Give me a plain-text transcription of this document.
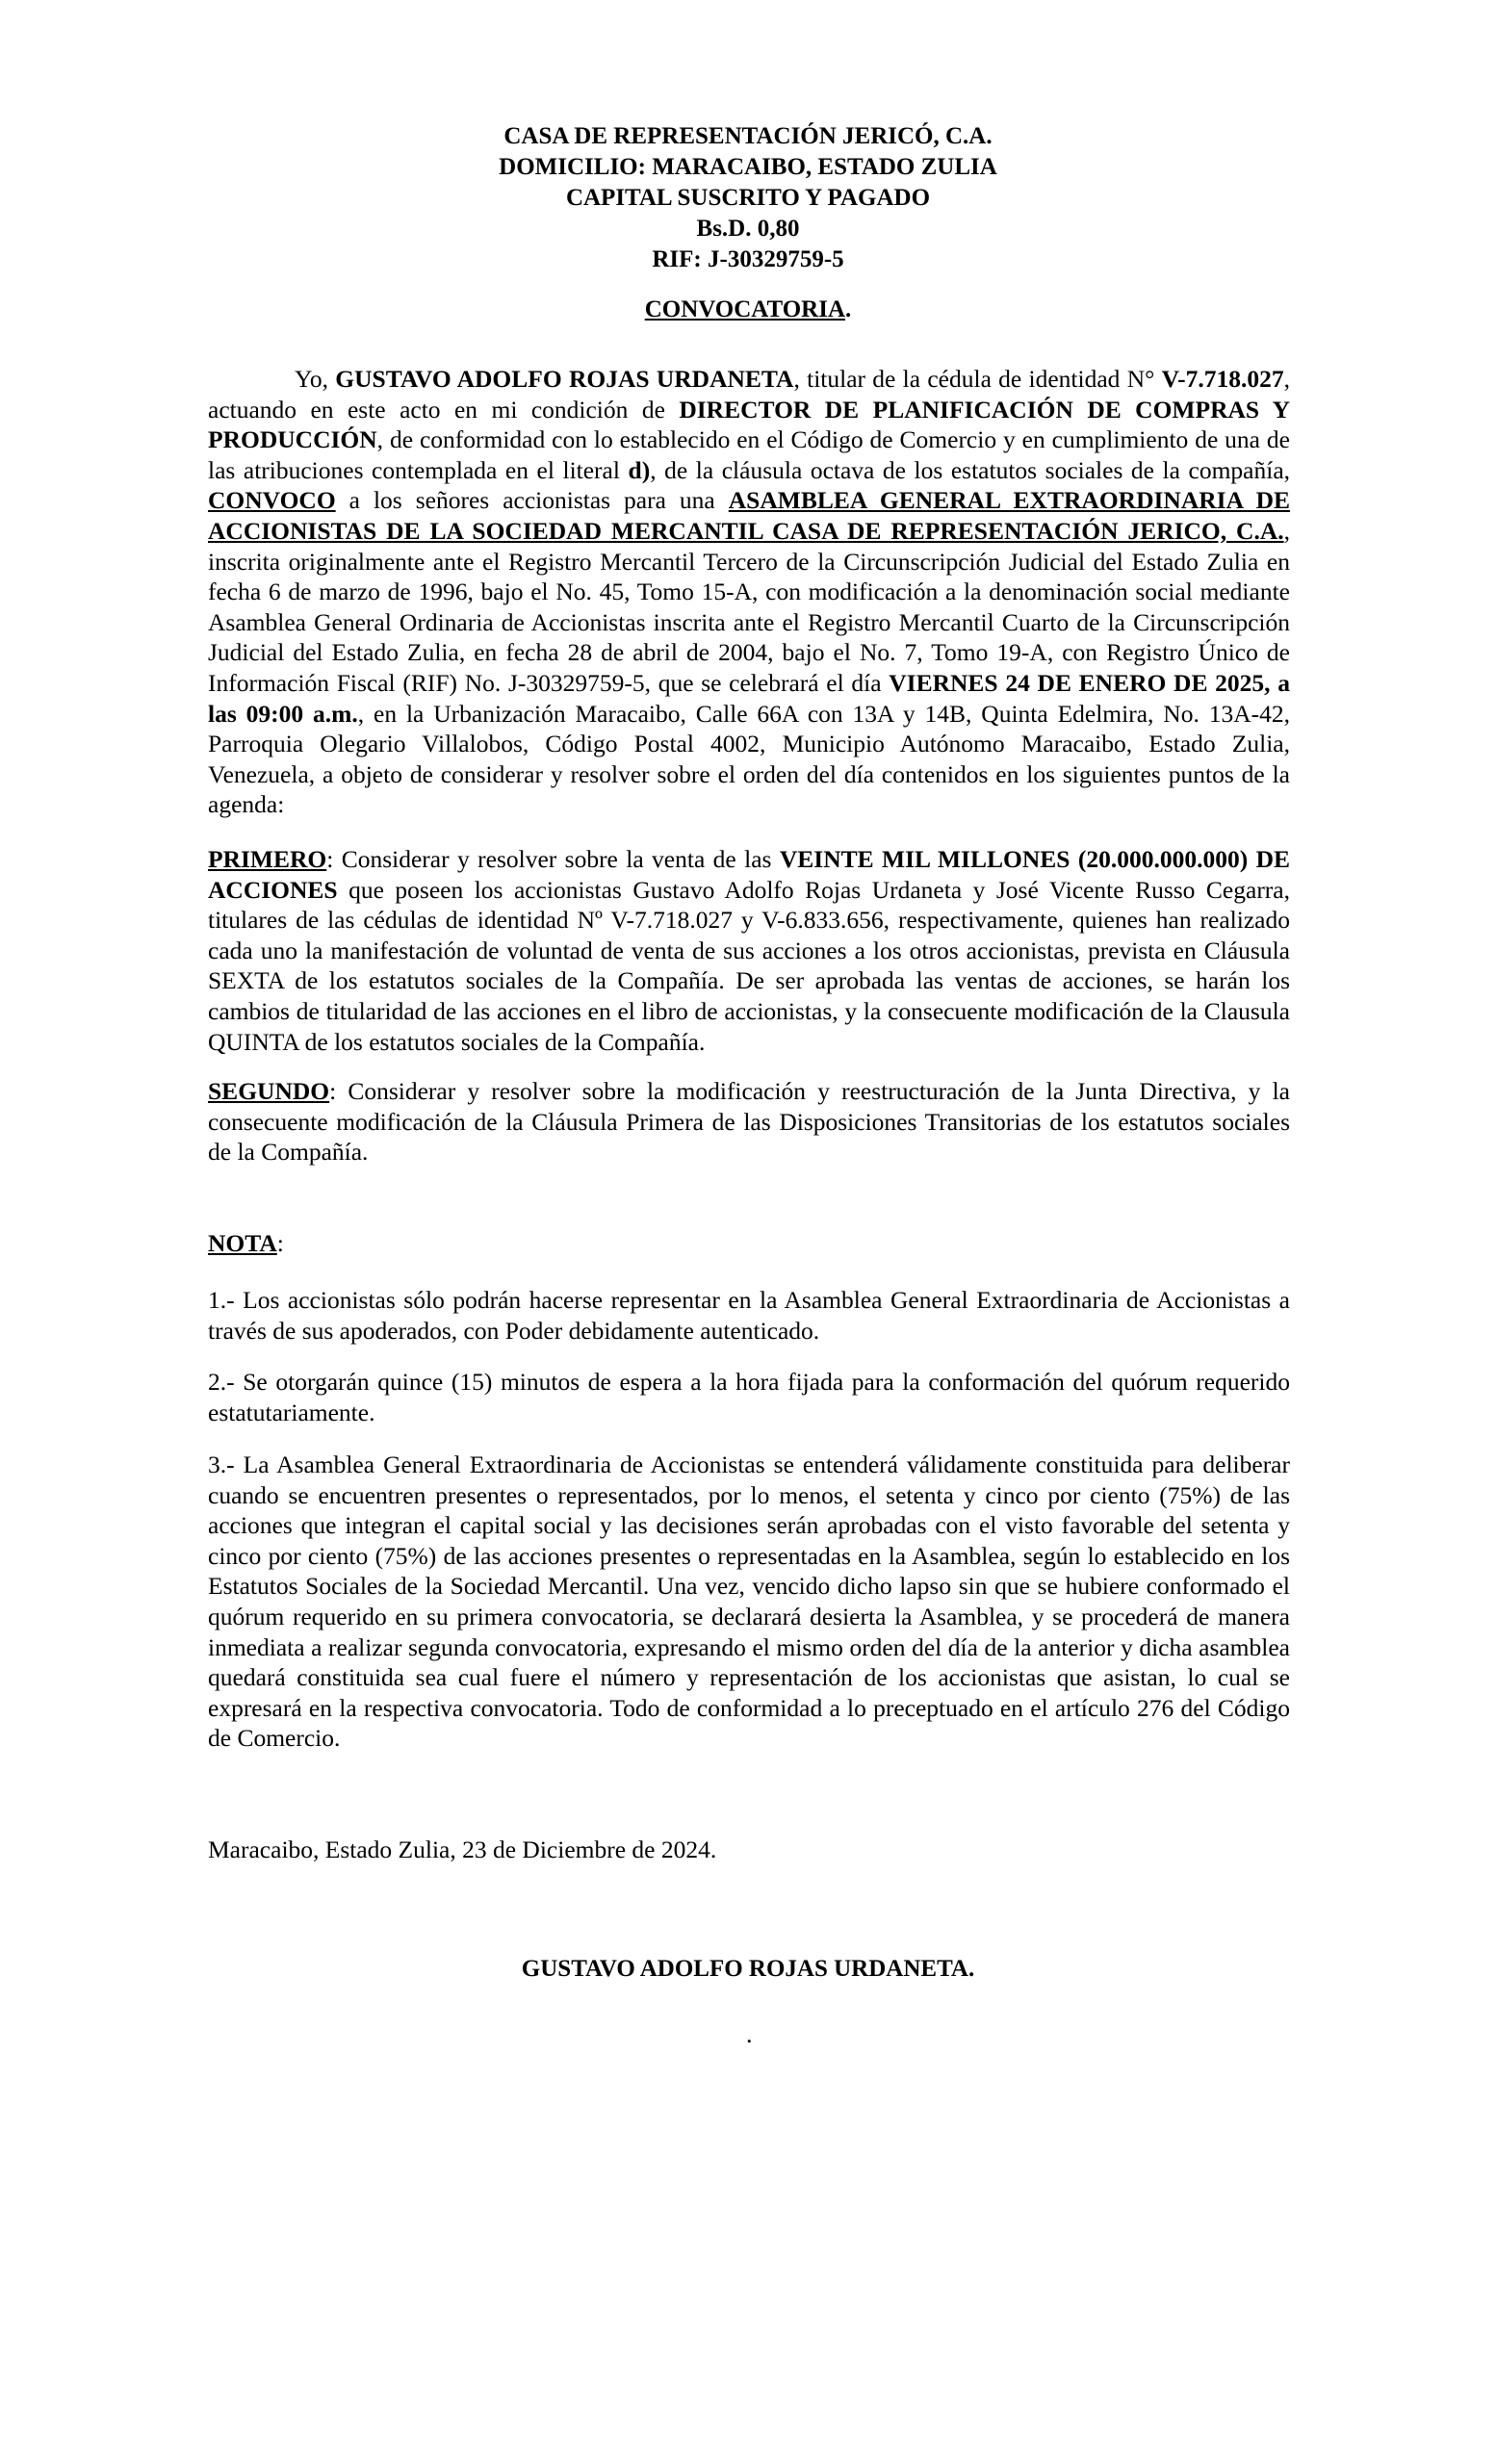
CASA DE REPRESENTACIÓN JERICÓ, C.A.
DOMICILIO: MARACAIBO, ESTADO ZULIA
CAPITAL SUSCRITO Y PAGADO
Bs.D. 0,80
RIF: J-30329759-5
CONVOCATORIA.

Yo, GUSTAVO ADOLFO ROJAS URDANETA, titular de la cédula de identidad N° V-7.718.027, actuando en este acto en mi condición de DIRECTOR DE PLANIFICACIÓN DE COMPRAS Y PRODUCCIÓN, de conformidad con lo establecido en el Código de Comercio y en cumplimiento de una de las atribuciones contemplada en el literal d), de la cláusula octava de los estatutos sociales de la compañía, CONVOCO a los señores accionistas para una ASAMBLEA GENERAL EXTRAORDINARIA DE ACCIONISTAS DE LA SOCIEDAD MERCANTIL CASA DE REPRESENTACIÓN JERICO, C.A., inscrita originalmente ante el Registro Mercantil Tercero de la Circunscripción Judicial del Estado Zulia en fecha 6 de marzo de 1996, bajo el No. 45, Tomo 15-A, con modificación a la denominación social mediante Asamblea General Ordinaria de Accionistas inscrita ante el Registro Mercantil Cuarto de la Circunscripción Judicial del Estado Zulia, en fecha 28 de abril de 2004, bajo el No. 7, Tomo 19-A, con Registro Único de Información Fiscal (RIF) No. J-30329759-5, que se celebrará el día VIERNES 24 DE ENERO DE 2025, a las 09:00 a.m., en la Urbanización Maracaibo, Calle 66A con 13A y 14B, Quinta Edelmira, No. 13A-42, Parroquia Olegario Villalobos, Código Postal 4002, Municipio Autónomo Maracaibo, Estado Zulia, Venezuela, a objeto de considerar y resolver sobre el orden del día contenidos en los siguientes puntos de la agenda:

PRIMERO: Considerar y resolver sobre la venta de las VEINTE MIL MILLONES (20.000.000.000) DE ACCIONES que poseen los accionistas Gustavo Adolfo Rojas Urdaneta y José Vicente Russo Cegarra, titulares de las cédulas de identidad Nº V-7.718.027 y V-6.833.656, respectivamente, quienes han realizado cada uno la manifestación de voluntad de venta de sus acciones a los otros accionistas, prevista en Cláusula SEXTA de los estatutos sociales de la Compañía. De ser aprobada las ventas de acciones, se harán los cambios de titularidad de las acciones en el libro de accionistas, y la consecuente modificación de la Clausula QUINTA de los estatutos sociales de la Compañía.

SEGUNDO: Considerar y resolver sobre la modificación y reestructuración de la Junta Directiva, y la consecuente modificación de la Cláusula Primera de las Disposiciones Transitorias de los estatutos sociales de la Compañía.

NOTA:

1.- Los accionistas sólo podrán hacerse representar en la Asamblea General Extraordinaria de Accionistas a través de sus apoderados, con Poder debidamente autenticado.

2.- Se otorgarán quince (15) minutos de espera a la hora fijada para la conformación del quórum requerido estatutariamente.

3.- La Asamblea General Extraordinaria de Accionistas se entenderá válidamente constituida para deliberar cuando se encuentren presentes o representados, por lo menos, el setenta y cinco por ciento (75%) de las acciones que integran el capital social y las decisiones serán aprobadas con el visto favorable del setenta y cinco por ciento (75%) de las acciones presentes o representadas en la Asamblea, según lo establecido en los Estatutos Sociales de la Sociedad Mercantil. Una vez, vencido dicho lapso sin que se hubiere conformado el quórum requerido en su primera convocatoria, se declarará desierta la Asamblea, y se procederá de manera inmediata a realizar segunda convocatoria, expresando el mismo orden del día de la anterior y dicha asamblea quedará constituida sea cual fuere el número y representación de los accionistas que asistan, lo cual se expresará en la respectiva convocatoria. Todo de conformidad a lo preceptuado en el artículo 276 del Código de Comercio.

Maracaibo, Estado Zulia, 23 de Diciembre de 2024.

GUSTAVO ADOLFO ROJAS URDANETA.
.
